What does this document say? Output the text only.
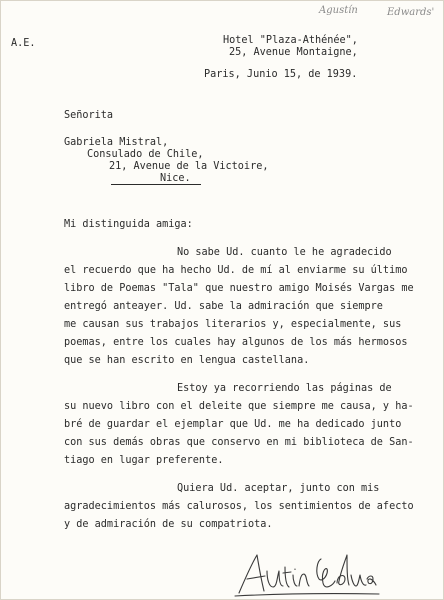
Agustín	Edwards'
A.E.	Hotel "Plaza-Athénée",
25, Avenue Montaigne,
Paris, Junio 15, de 1939.
Señorita
Gabriela Mistral,
Consulado de Chile,
21, Avenue de la Victoire,
Nice.
Mi distinguida amiga:
No sabe Ud. cuanto le he agradecido
el recuerdo que ha hecho Ud. de mí al enviarme su último
libro de Poemas "Tala" que nuestro amigo Moisés Vargas me
entregó anteayer. Ud. sabe la admiración que siempre
me causan sus trabajos literarios y, especialmente, sus
poemas, entre los cuales hay algunos de los más hermosos
que se han escrito en lengua castellana.
Estoy ya recorriendo las páginas de
su nuevo libro con el deleite que siempre me causa, y ha-
bré de guardar el ejemplar que Ud. me ha dedicado junto
con sus demás obras que conservo en mi biblioteca de San-
tiago en lugar preferente.
Quiera Ud. aceptar, junto con mis
agradecimientos más calurosos, los sentimientos de afecto
y de admiración de su compatriota.
